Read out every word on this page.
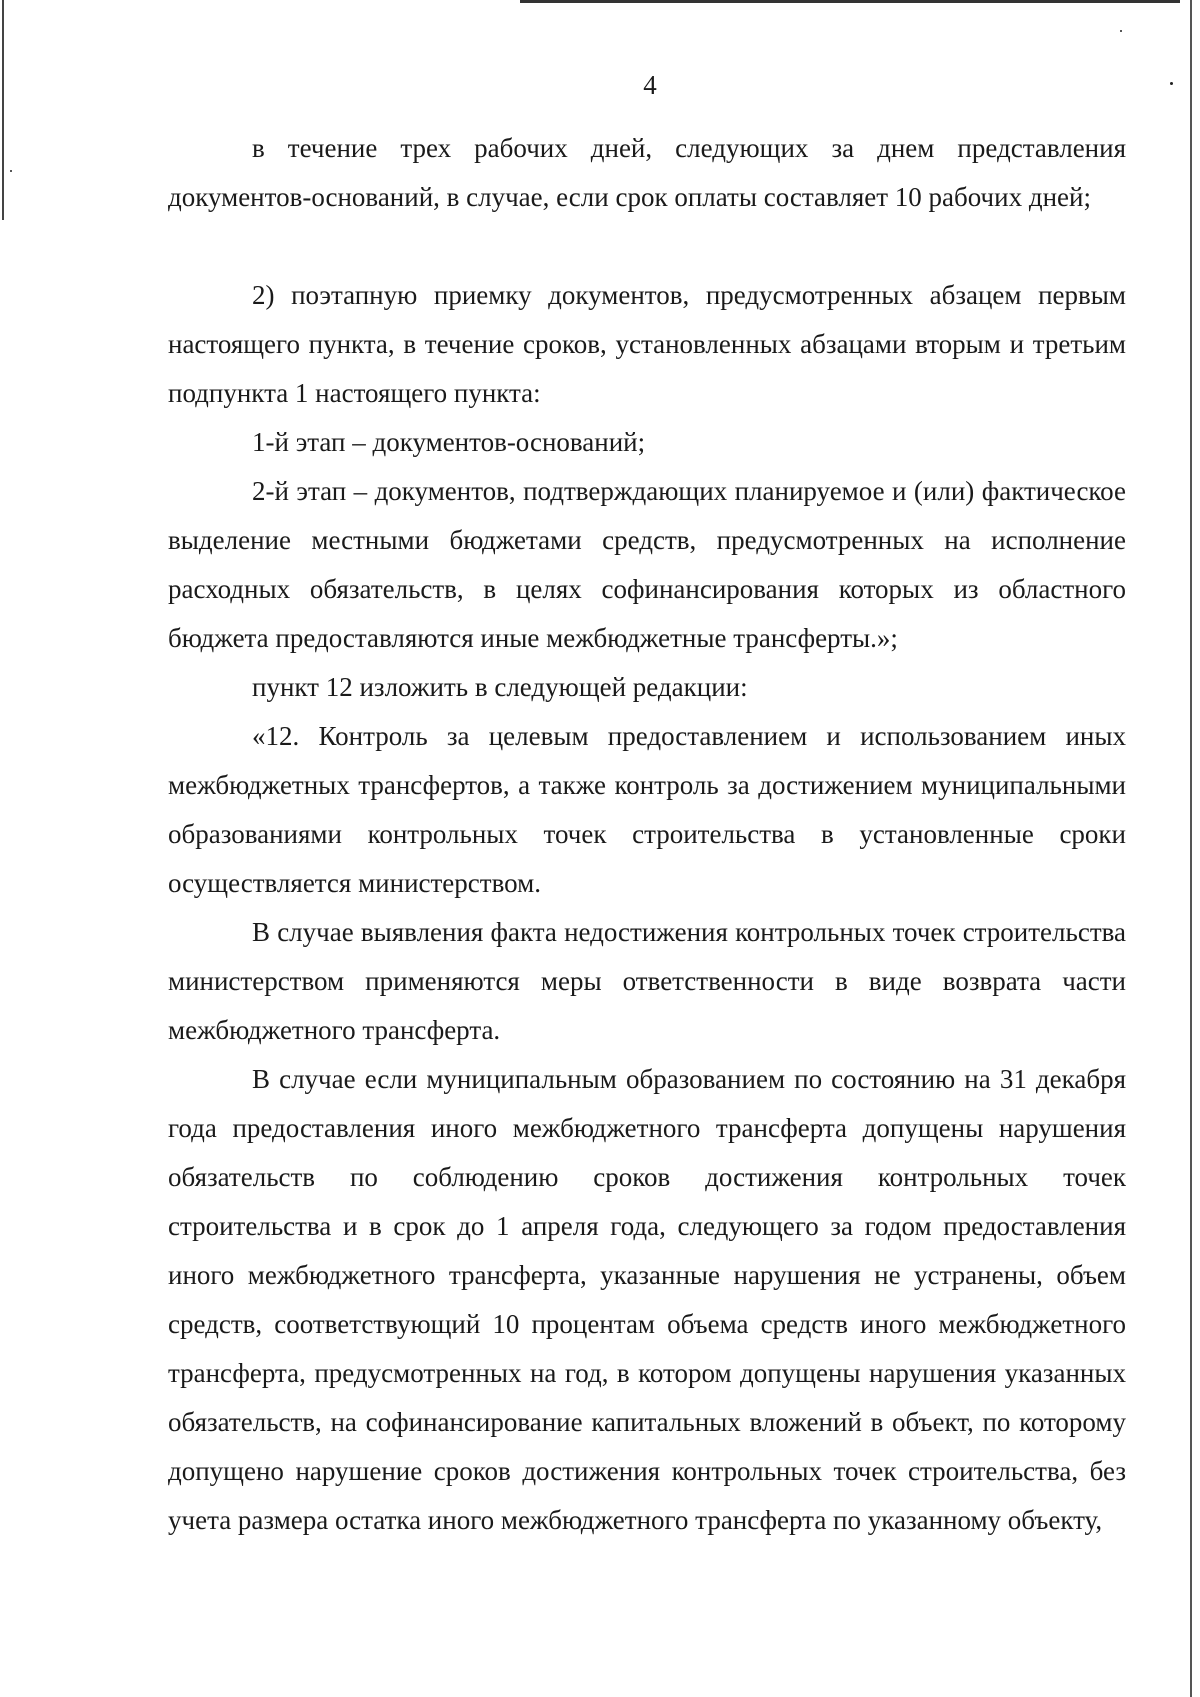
4

в течение трех рабочих дней, следующих за днем представления документов-оснований, в случае, если срок оплаты составляет 10 рабочих дней;

2) поэтапную приемку документов, предусмотренных абзацем первым настоящего пункта, в течение сроков, установленных абзацами вторым и третьим подпункта 1 настоящего пункта:

1-й этап – документов-оснований;

2-й этап – документов, подтверждающих планируемое и (или) фактическое выделение местными бюджетами средств, предусмотренных на исполнение расходных обязательств, в целях софинансирования которых из областного бюджета предоставляются иные межбюджетные трансферты.»;

пункт 12 изложить в следующей редакции:

«12. Контроль за целевым предоставлением и использованием иных межбюджетных трансфертов, а также контроль за достижением муниципальными образованиями контрольных точек строительства в установленные сроки осуществляется министерством.

В случае выявления факта недостижения контрольных точек строительства министерством применяются меры ответственности в виде возврата части межбюджетного трансферта.

В случае если муниципальным образованием по состоянию на 31 декабря года предоставления иного межбюджетного трансферта допущены нарушения обязательств по соблюдению сроков достижения контрольных точек строительства и в срок до 1 апреля года, следующего за годом предоставления иного межбюджетного трансферта, указанные нарушения не устранены, объем средств, соответствующий 10 процентам объема средств иного межбюджетного трансферта, предусмотренных на год, в котором допущены нарушения указанных обязательств, на софинансирование капитальных вложений в объект, по которому допущено нарушение сроков достижения контрольных точек строительства, без учета размера остатка иного межбюджетного трансферта по указанному объекту,
